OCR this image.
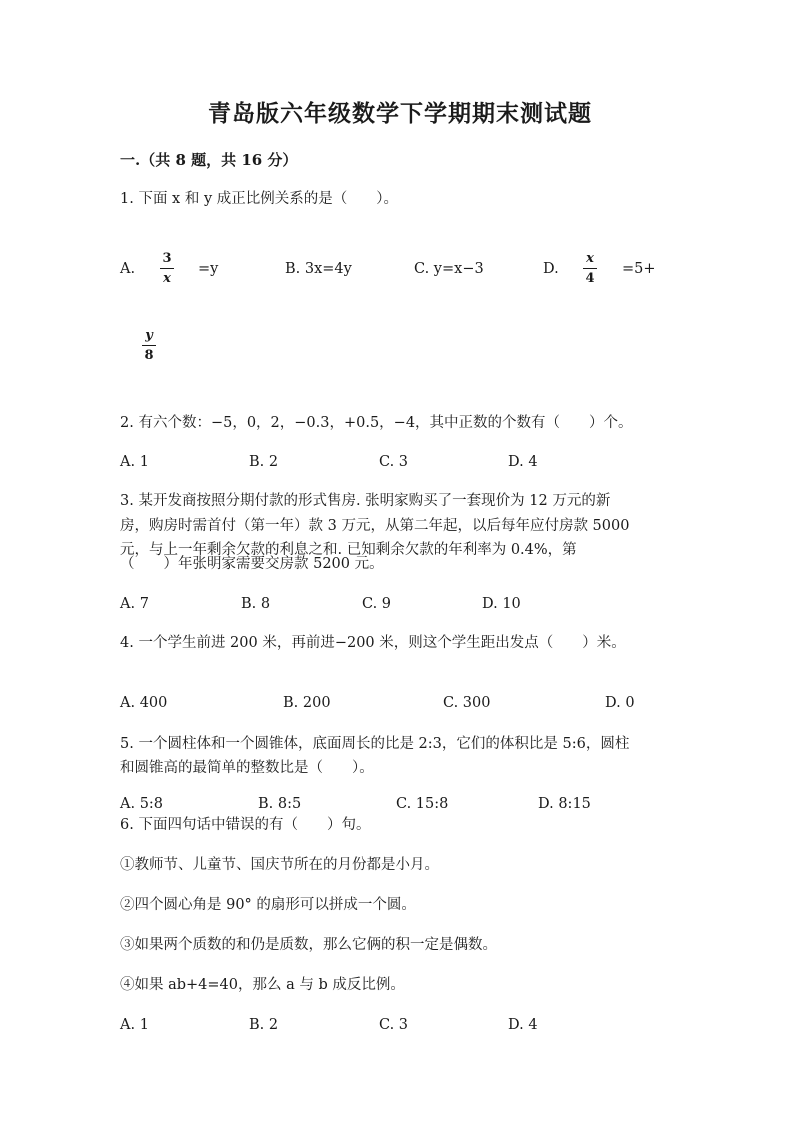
青岛版六年级数学下学期期末测试题
一.（共 8 题，共 16 分）
1. 下面 x 和 y 成正比例关系的是（　　）。
A.
3
x
=y	B. 3x=4y	C. y=x−3	D.
x
4
=5+
y
8
2. 有六个数：−5，0，2，−0.3，+0.5，−4，其中正数的个数有（　　）个。
A. 1	B. 2	C. 3	D. 4
3. 某开发商按照分期付款的形式售房. 张明家购买了一套现价为 12 万元的新
房，购房时需首付（第一年）款 3 万元，从第二年起，以后每年应付房款 5000
元，与上一年剩余欠款的利息之和. 已知剩余欠款的年利率为 0.4%，第
（　　）年张明家需要交房款 5200 元。
A. 7	B. 8	C. 9	D. 10
4. 一个学生前进 200 米，再前进−200 米，则这个学生距出发点（　　）米。
A. 400	B. 200	C. 300	D. 0
5. 一个圆柱体和一个圆锥体，底面周长的比是 2:3，它们的体积比是 5:6，圆柱
和圆锥高的最简单的整数比是（　　）。
A. 5:8	B. 8:5	C. 15:8	D. 8:15
6. 下面四句话中错误的有（　　）句。
①教师节、儿童节、国庆节所在的月份都是小月。
②四个圆心角是 90° 的扇形可以拼成一个圆。
③如果两个质数的和仍是质数，那么它俩的积一定是偶数。
④如果 ab+4=40，那么 a 与 b 成反比例。
A. 1	B. 2	C. 3	D. 4
